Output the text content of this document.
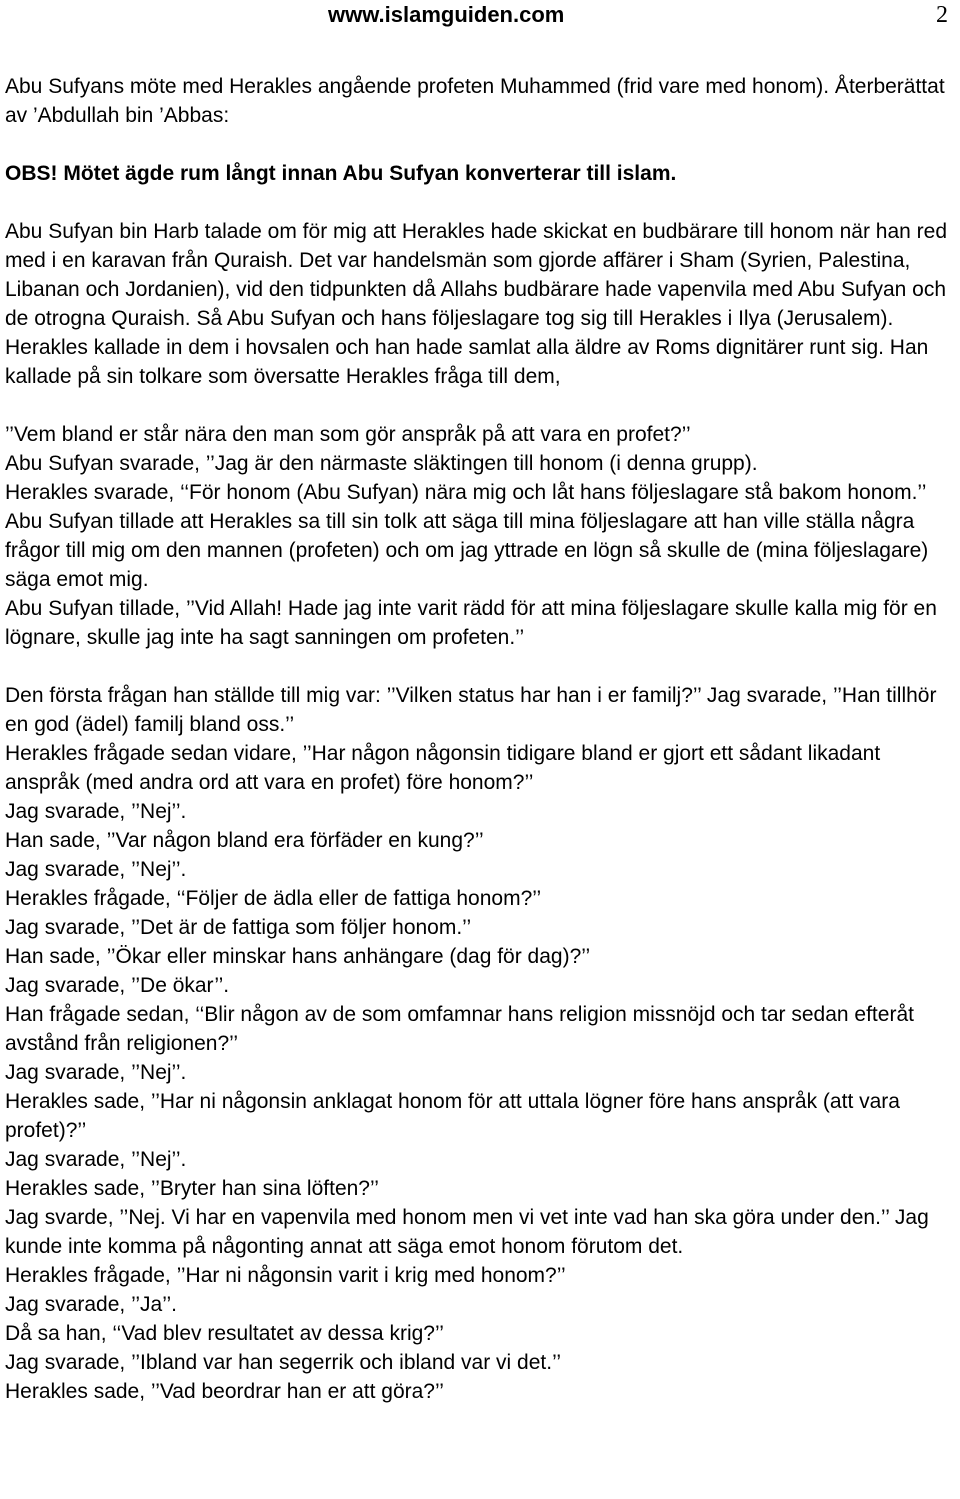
www.islamguiden.com	2

Abu Sufyans möte med Herakles angående profeten Muhammed (frid vare med honom). Återberättat av ’Abdullah bin ’Abbas:

OBS! Mötet ägde rum långt innan Abu Sufyan konverterar till islam.

Abu Sufyan bin Harb talade om för mig att Herakles hade skickat en budbärare till honom när han red med i en karavan från Quraish. Det var handelsmän som gjorde affärer i Sham (Syrien, Palestina, Libanan och Jordanien), vid den tidpunkten då Allahs budbärare hade vapenvila med Abu Sufyan och de otrogna Quraish. Så Abu Sufyan och hans följeslagare tog sig till Herakles i Ilya (Jerusalem). Herakles kallade in dem i hovsalen och han hade samlat alla äldre av Roms dignitärer runt sig. Han kallade på sin tolkare som översatte Herakles fråga till dem,

’’Vem bland er står nära den man som gör anspråk på att vara en profet?’’

Abu Sufyan svarade, ’’Jag är den närmaste släktingen till honom (i denna grupp).

Herakles svarade, ‘‘För honom (Abu Sufyan) nära mig och låt hans följeslagare stå bakom honom.’’

Abu Sufyan tillade att Herakles sa till sin tolk att säga till mina följeslagare att han ville ställa några frågor till mig om den mannen (profeten) och om jag yttrade en lögn så skulle de (mina följeslagare) säga emot mig.

Abu Sufyan tillade, ’’Vid Allah! Hade jag inte varit rädd för att mina följeslagare skulle kalla mig för en lögnare, skulle jag inte ha sagt sanningen om profeten.’’

Den första frågan han ställde till mig var: ’’Vilken status har han i er familj?’’ Jag svarade, ’’Han tillhör en god (ädel) familj bland oss.’’

Herakles frågade sedan vidare, ’’Har någon någonsin tidigare bland er gjort ett sådant likadant anspråk (med andra ord att vara en profet) före honom?’’

Jag svarade, ’’Nej’’.

Han sade, ’’Var någon bland era förfäder en kung?’’

Jag svarade, ’’Nej’’.

Herakles frågade, ‘‘Följer de ädla eller de fattiga honom?’’

Jag svarade, ’’Det är de fattiga som följer honom.’’

Han sade, ’’Ökar eller minskar hans anhängare (dag för dag)?’’

Jag svarade, ’’De ökar’’.

Han frågade sedan, ‘‘Blir någon av de som omfamnar hans religion missnöjd och tar sedan efteråt avstånd från religionen?’’

Jag svarade, ’’Nej’’.

Herakles sade, ’’Har ni någonsin anklagat honom för att uttala lögner före hans anspråk (att vara profet)?’’

Jag svarade, ’’Nej’’.

Herakles sade, ’’Bryter han sina löften?’’

Jag svarde, ’’Nej. Vi har en vapenvila med honom men vi vet inte vad han ska göra under den.’’ Jag kunde inte komma på någonting annat att säga emot honom förutom det.

Herakles frågade, ’’Har ni någonsin varit i krig med honom?’’

Jag svarade, ’’Ja’’.

Då sa han, ‘‘Vad blev resultatet av dessa krig?’’

Jag svarade, ’’Ibland var han segerrik och ibland var vi det.’’

Herakles sade, ’’Vad beordrar han er att göra?’’
